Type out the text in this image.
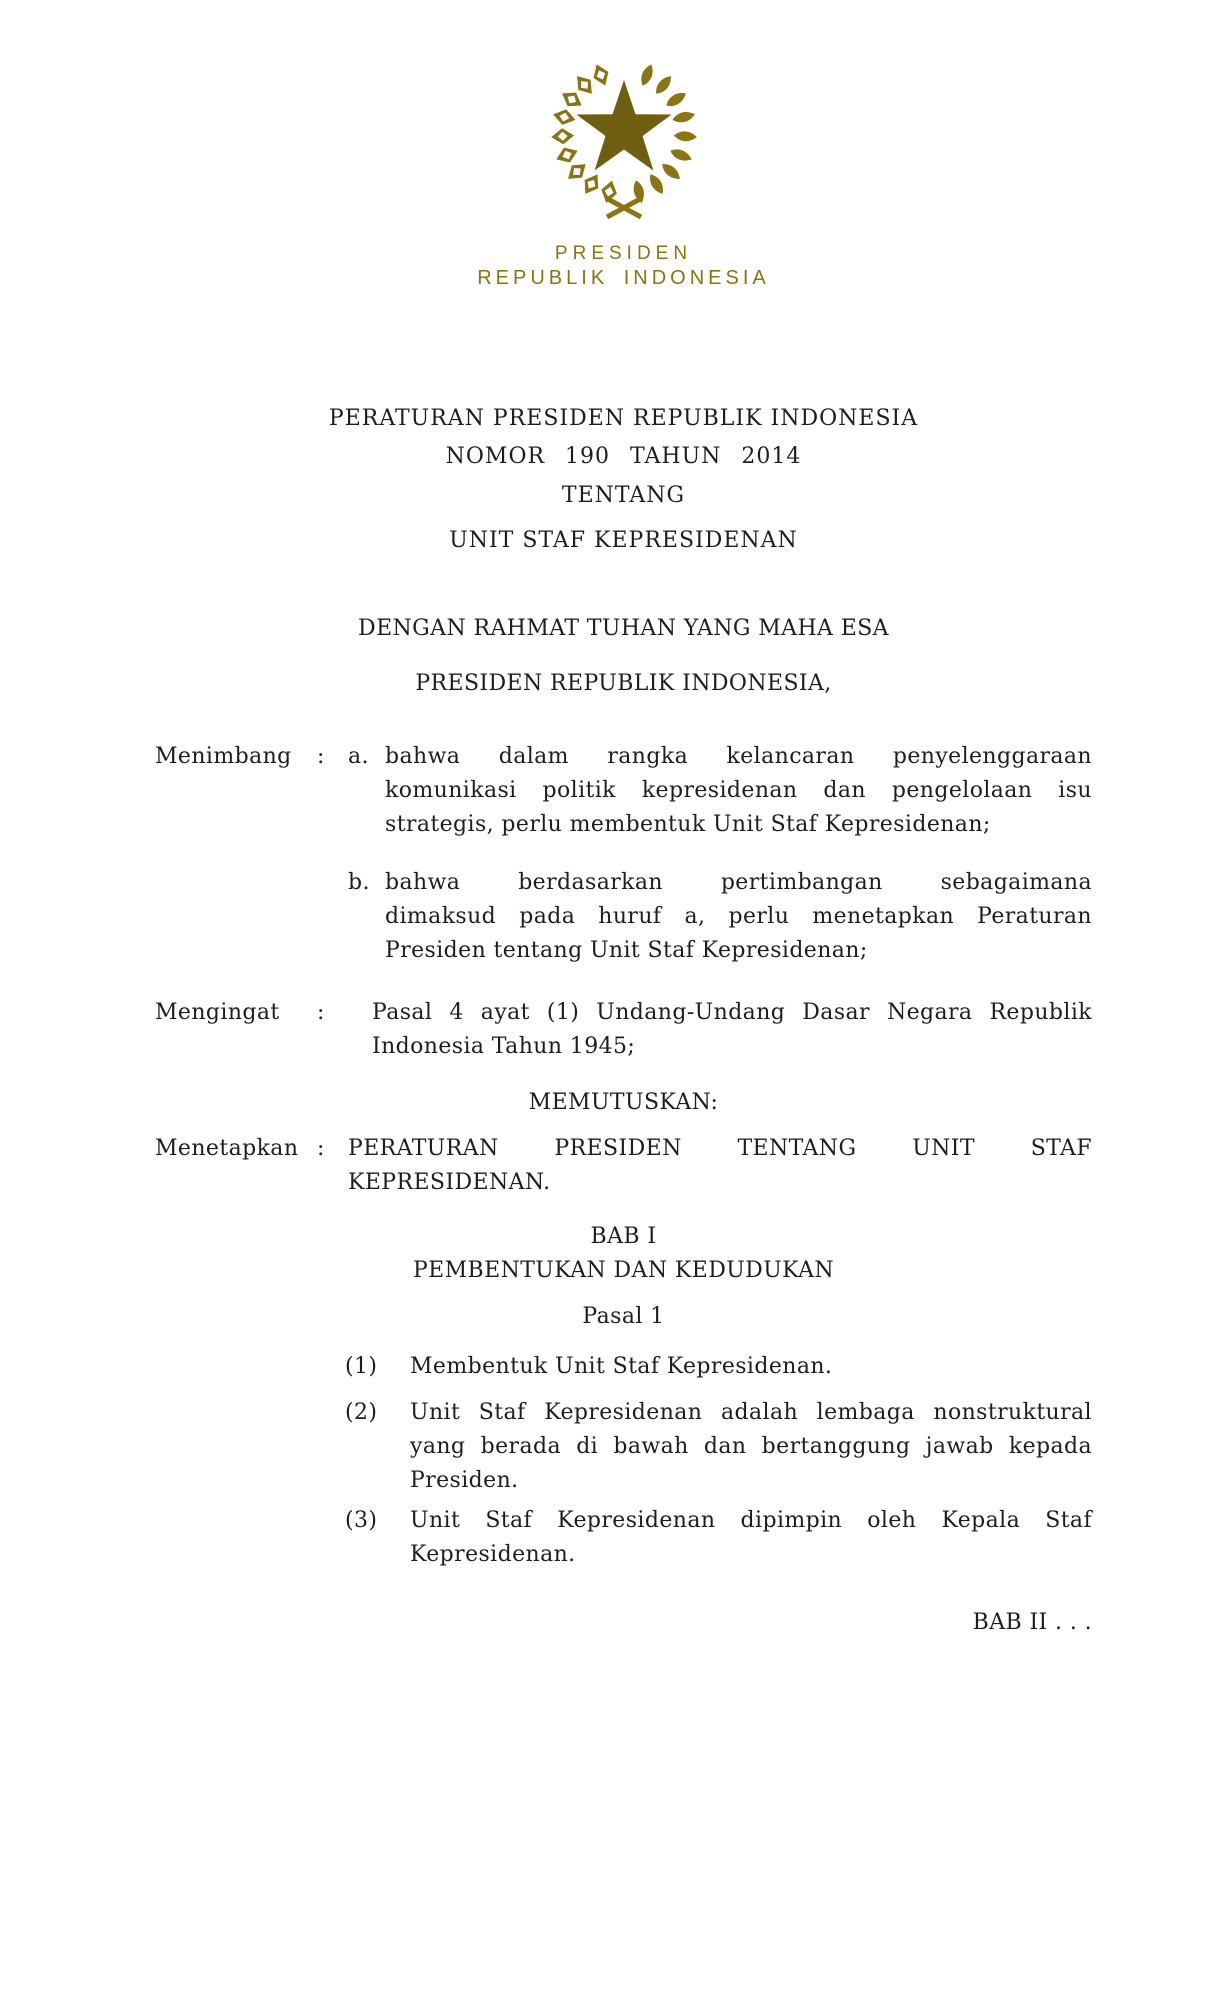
PRESIDEN
REPUBLIK INDONESIA
PERATURAN PRESIDEN REPUBLIK INDONESIA
NOMOR 190 TAHUN 2014
TENTANG
UNIT STAF KEPRESIDENAN
DENGAN RAHMAT TUHAN YANG MAHA ESA
PRESIDEN REPUBLIK INDONESIA,
Menimbang	:	a. bahwa dalam rangka kelancaran penyelenggaraan
komunikasi politik kepresidenan dan pengelolaan isu
strategis, perlu membentuk Unit Staf Kepresidenan;
b. bahwa berdasarkan pertimbangan sebagaimana
dimaksud pada huruf a, perlu menetapkan Peraturan
Presiden tentang Unit Staf Kepresidenan;
Mengingat	:	Pasal 4 ayat (1) Undang-Undang Dasar Negara Republik
Indonesia Tahun 1945;
MEMUTUSKAN:
Menetapkan :	PERATURAN PRESIDEN TENTANG UNIT STAF
KEPRESIDENAN.
BAB I
PEMBENTUKAN DAN KEDUDUKAN
Pasal 1
(1)	Membentuk Unit Staf Kepresidenan.
(2)	Unit Staf Kepresidenan adalah lembaga nonstruktural
yang berada di bawah dan bertanggung jawab kepada
Presiden.
(3)	Unit Staf Kepresidenan dipimpin oleh Kepala Staf
Kepresidenan.
BAB II . . .
